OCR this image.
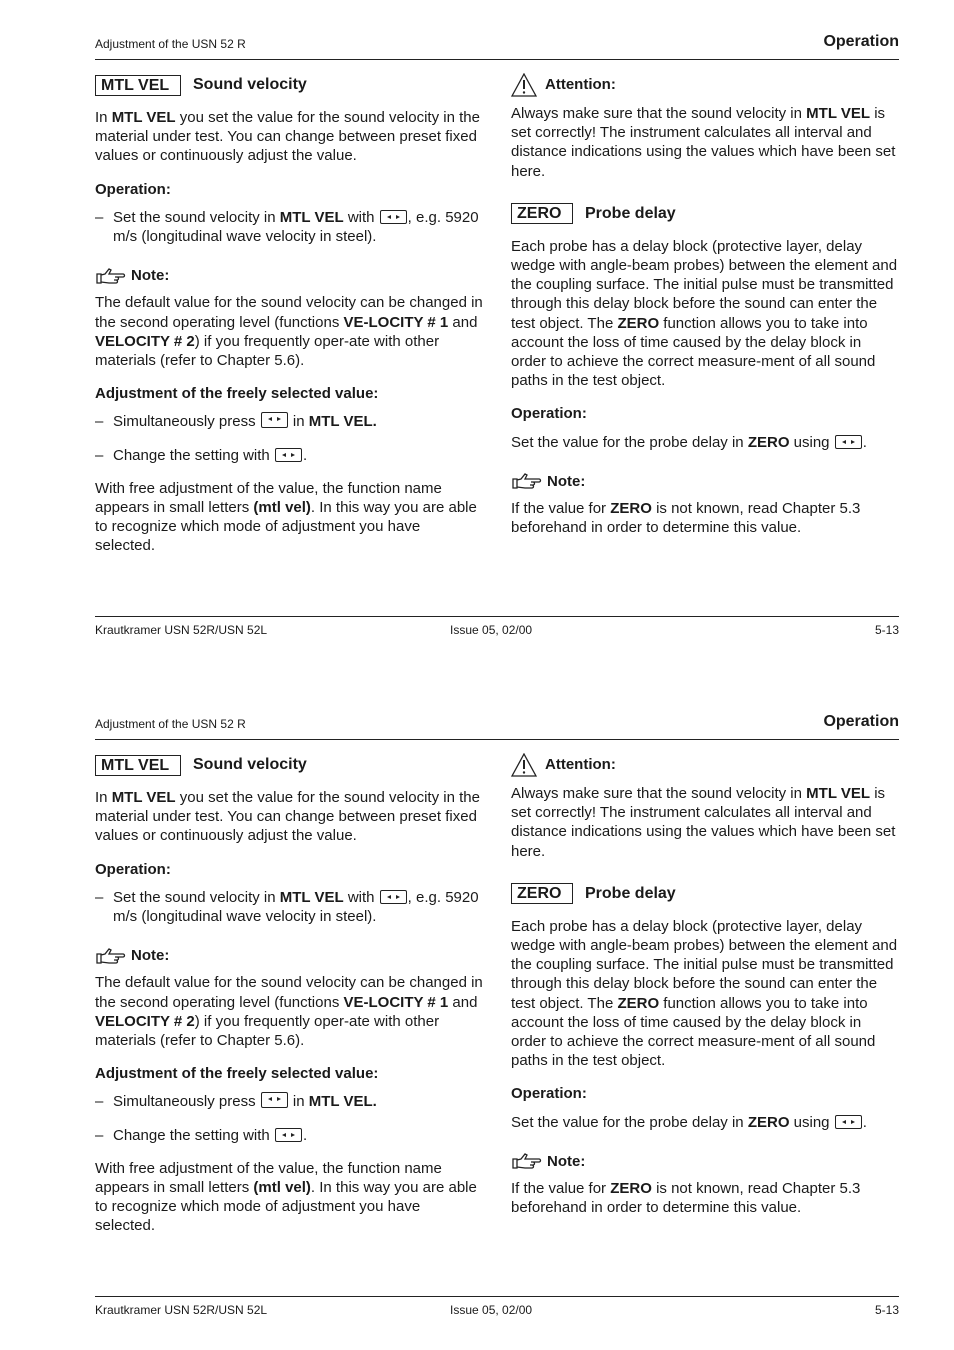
Adjustment of the USN 52 R	Operation
MTL VEL	Sound velocity

In MTL VEL you set the value for the sound velocity in the material under test. You can change between preset fixed values or continuously adjust the value.

Operation:
– Set the sound velocity in MTL VEL with , e.g. 5920 m/s (longitudinal wave velocity in steel).
Note:

The default value for the sound velocity can be changed in the second operating level (functions VE-LOCITY # 1 and VELOCITY # 2) if you frequently oper-ate with other materials (refer to Chapter 5.6).

Adjustment of the freely selected value:
– Simultaneously press  in MTL VEL.
– Change the setting with .

With free adjustment of the value, the function name appears in small letters (mtl vel). In this way you are able to recognize which mode of adjustment you have selected.

Attention:

Always make sure that the sound velocity in MTL VEL is set correctly! The instrument calculates all interval and distance indications using the values which have been set here.

ZERO	Probe delay

Each probe has a delay block (protective layer, delay wedge with angle-beam probes) between the element and the coupling surface. The initial pulse must be transmitted through this delay block before the sound can enter the test object. The ZERO function allows you to take into account the loss of time caused by the delay block in order to achieve the correct measure-ment of all sound paths in the test object.

Operation:

Set the value for the probe delay in ZERO using .

Note:

If the value for ZERO is not known, read Chapter 5.3 beforehand in order to determine this value.

Krautkramer USN 52R/USN 52L	Issue 05, 02/00	5-13
Adjustment of the USN 52 R	Operation
MTL VEL	Sound velocity

In MTL VEL you set the value for the sound velocity in the material under test. You can change between preset fixed values or continuously adjust the value.

Operation:
– Set the sound velocity in MTL VEL with , e.g. 5920 m/s (longitudinal wave velocity in steel).
Note:

The default value for the sound velocity can be changed in the second operating level (functions VE-LOCITY # 1 and VELOCITY # 2) if you frequently oper-ate with other materials (refer to Chapter 5.6).

Adjustment of the freely selected value:
– Simultaneously press  in MTL VEL.
– Change the setting with .

With free adjustment of the value, the function name appears in small letters (mtl vel). In this way you are able to recognize which mode of adjustment you have selected.

Attention:

Always make sure that the sound velocity in MTL VEL is set correctly! The instrument calculates all interval and distance indications using the values which have been set here.

ZERO	Probe delay

Each probe has a delay block (protective layer, delay wedge with angle-beam probes) between the element and the coupling surface. The initial pulse must be transmitted through this delay block before the sound can enter the test object. The ZERO function allows you to take into account the loss of time caused by the delay block in order to achieve the correct measure-ment of all sound paths in the test object.

Operation:

Set the value for the probe delay in ZERO using .

Note:

If the value for ZERO is not known, read Chapter 5.3 beforehand in order to determine this value.

Krautkramer USN 52R/USN 52L	Issue 05, 02/00	5-13
